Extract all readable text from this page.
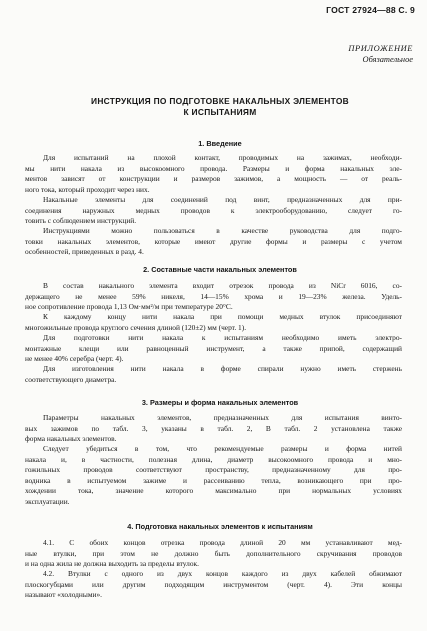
ГОСТ 27924—88 С. 9
ПРИЛОЖЕНИЕ
Обязательное
ИНСТРУКЦИЯ ПО ПОДГОТОВКЕ НАКАЛЬНЫХ ЭЛЕМЕНТОВ
К ИСПЫТАНИЯМ
1. Введение
Для испытаний на плохой контакт, проводимых на зажимах, необходи-
мы нити накала из высокоомного провода. Размеры и форма накальных эле-
ментов зависят от конструкции и размеров зажимов, а мощность — от реаль-
ного тока, который проходит через них.
Накальные элементы для соединений под винт, предназначенных для при-
соединения наружных медных проводов к электрооборудованию, следует го-
товить с соблюдением инструкций.
Инструкциями можно пользоваться в качестве руководства для подго-
товки накальных элементов, которые имеют другие формы и размеры с учетом
особенностей, приведенных в разд. 4.
2. Составные части накальных элементов
В состав накального элемента входит отрезок провода из NiCr 6016, со-
держащего не менее 59% никеля, 14—15% хрома и 19—23% железа. Удель-
ное сопротивление провода 1,13 Ом·мм²/м при температуре 20°С.
К каждому концу нити накала при помощи медных втулок присоединяют
многожильные провода круглого сечения длиной (120±2) мм (черт. 1).
Для подготовки нити накала к испытаниям необходимо иметь электро-
монтажные клещи или равноценный инструмент, а также припой, содержащий
не менее 40% серебра (черт. 4).
Для изготовления нити накала в форме спирали нужно иметь стержень
соответствующего диаметра.
3. Размеры и форма накальных элементов
Параметры накальных элементов, предназначенных для испытания винто-
вых зажимов по табл. 3, указаны в табл. 2, В табл. 2 установлена также
форма накальных элементов.
Следует убедиться в том, что рекомендуемые размеры и форма нитей
накала и, в частности, полезная длина, диаметр высокоомного провода и мно-
гожильных проводов соответствуют пространству, предназначенному для про-
водника в испытуемом зажиме и рассеиванию тепла, возникающего при про-
хождении тока, значение которого максимально при нормальных условиях
эксплуатации.
4. Подготовка накальных элементов к испытаниям
4.1. С обоих концов отрезка провода длиной 20 мм устанавливают мед-
ные втулки, при этом не должно быть дополнительного скручивания проводов
и на одна жила не должна выходить за пределы втулок.
4.2. Втулки с одного из двух концов каждого из двух кабелей обжимают
плоскогубцами или другим подходящим инструментом (черт. 4). Эти концы
называют «холодными».
